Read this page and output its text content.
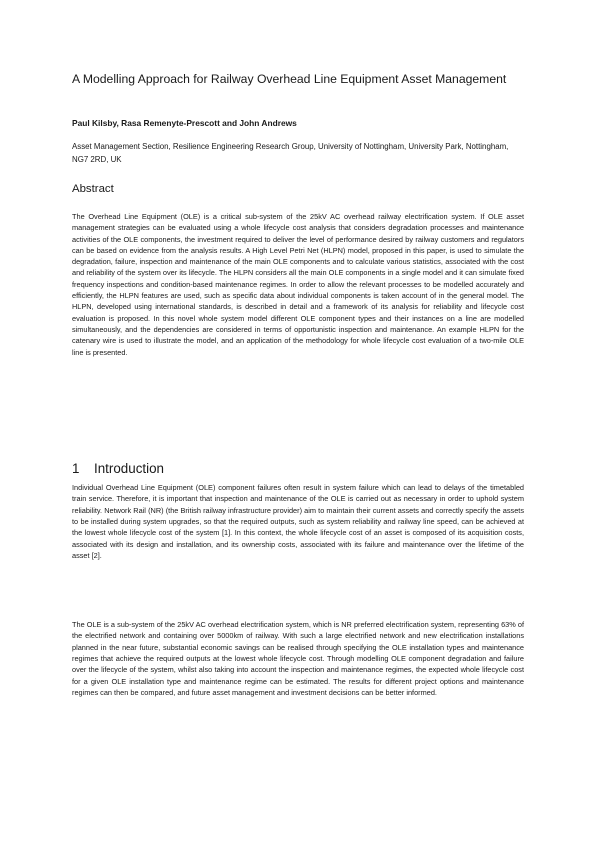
A Modelling Approach for Railway Overhead Line Equipment Asset Management

Paul Kilsby, Rasa Remenyte-Prescott and John Andrews

Asset Management Section, Resilience Engineering Research Group, University of Nottingham, University Park, Nottingham, NG7 2RD, UK

Abstract

The Overhead Line Equipment (OLE) is a critical sub-system of the 25kV AC overhead railway electrification system. If OLE asset management strategies can be evaluated using a whole lifecycle cost analysis that considers degradation processes and maintenance activities of the OLE components, the investment required to deliver the level of performance desired by railway customers and regulators can be based on evidence from the analysis results. A High Level Petri Net (HLPN) model, proposed in this paper, is used to simulate the degradation, failure, inspection and maintenance of the main OLE components and to calculate various statistics, associated with the cost and reliability of the system over its lifecycle. The HLPN considers all the main OLE components in a single model and it can simulate fixed frequency inspections and condition-based maintenance regimes. In order to allow the relevant processes to be modelled accurately and efficiently, the HLPN features are used, such as specific data about individual components is taken account of in the general model. The HLPN, developed using international standards, is described in detail and a framework of its analysis for reliability and lifecycle cost evaluation is proposed. In this novel whole system model different OLE component types and their instances on a line are modelled simultaneously, and the dependencies are considered in terms of opportunistic inspection and maintenance. An example HLPN for the catenary wire is used to illustrate the model, and an application of the methodology for whole lifecycle cost evaluation of a two-mile OLE line is presented.

1 Introduction

Individual Overhead Line Equipment (OLE) component failures often result in system failure which can lead to delays of the timetabled train service. Therefore, it is important that inspection and maintenance of the OLE is carried out as necessary in order to uphold system reliability. Network Rail (NR) (the British railway infrastructure provider) aim to maintain their current assets and correctly specify the assets to be installed during system upgrades, so that the required outputs, such as system reliability and railway line speed, can be achieved at the lowest whole lifecycle cost of the system [1]. In this context, the whole lifecycle cost of an asset is composed of its acquisition costs, associated with its design and installation, and its ownership costs, associated with its failure and maintenance over the lifetime of the asset [2].

The OLE is a sub-system of the 25kV AC overhead electrification system, which is NR preferred electrification system, representing 63% of the electrified network and containing over 5000km of railway. With such a large electrified network and new electrification installations planned in the near future, substantial economic savings can be realised through specifying the OLE installation types and maintenance regimes that achieve the required outputs at the lowest whole lifecycle cost. Through modelling OLE component degradation and failure over the lifecycle of the system, whilst also taking into account the inspection and maintenance regimes, the expected whole lifecycle cost for a given OLE installation type and maintenance regime can be estimated. The results for different project options and maintenance regimes can then be compared, and future asset management and investment decisions can be better informed.
